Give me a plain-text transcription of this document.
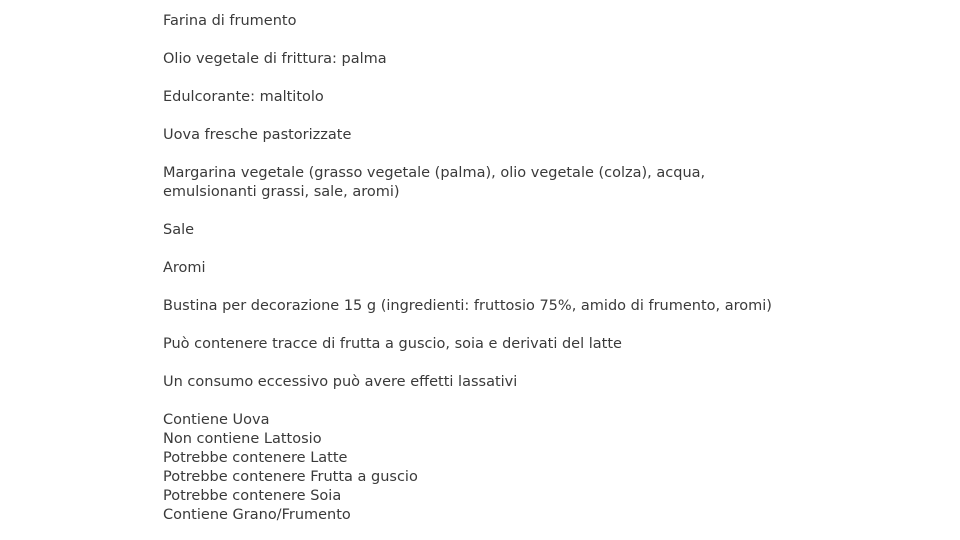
Farina di frumento

Olio vegetale di frittura: palma

Edulcorante: maltitolo

Uova fresche pastorizzate

Margarina vegetale (grasso vegetale (palma), olio vegetale (colza), acqua, emulsionanti grassi, sale, aromi)

Sale

Aromi

Bustina per decorazione 15 g (ingredienti: fruttosio 75%, amido di frumento, aromi)

Può contenere tracce di frutta a guscio, soia e derivati del latte

Un consumo eccessivo può avere effetti lassativi

Contiene Uova
Non contiene Lattosio
Potrebbe contenere Latte
Potrebbe contenere Frutta a guscio
Potrebbe contenere Soia
Contiene Grano/Frumento
